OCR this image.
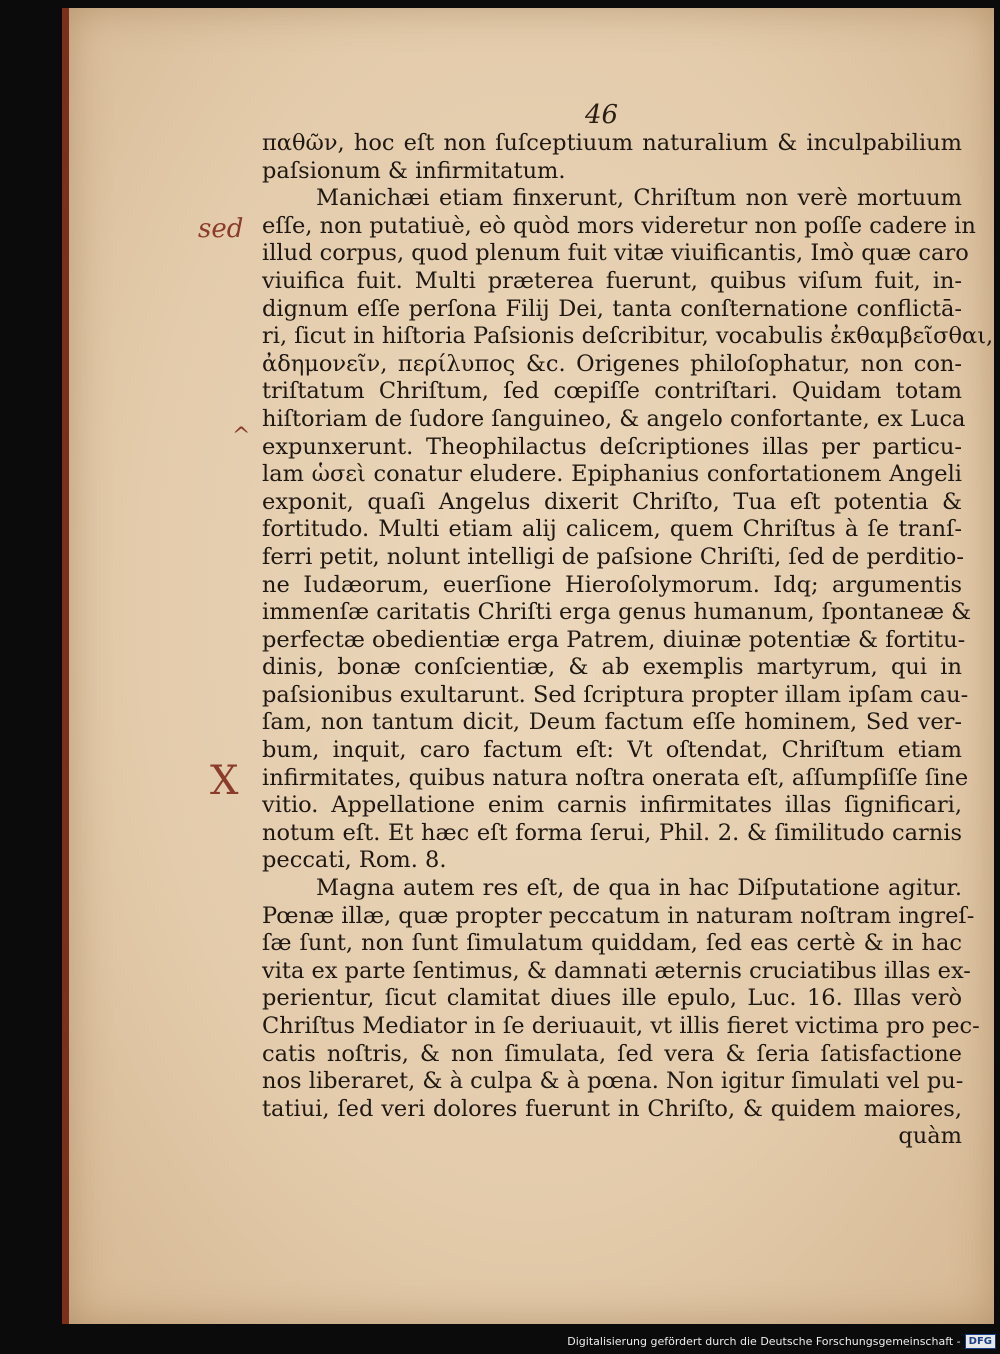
46
sed
^
X
παθῶν, hoc eſt non ſuſceptiuum naturalium & inculpabilium
paſsionum & infirmitatum.
Manichæi etiam finxerunt, Chriſtum non verè mortuum
eſſe, non putatiuè, eò quòd mors videretur non poſſe cadere in
illud corpus, quod plenum fuit vitæ viuificantis, Imò quæ caro
viuifica fuit. Multi præterea fuerunt, quibus viſum fuit, in-
dignum eſſe perſona Filij Dei, tanta conſternatione conflictā-
ri, ſicut in hiſtoria Paſsionis deſcribitur, vocabulis ἐκθαμβεῖσθαι,
ἀδημονεῖν, περίλυπος &c. Origenes philoſophatur, non con-
triſtatum Chriſtum, ſed cœpiſſe contriſtari. Quidam totam
hiſtoriam de ſudore ſanguineo, & angelo confortante, ex Luca
expunxerunt. Theophilactus deſcriptiones illas per particu-
lam ὡσεὶ conatur eludere. Epiphanius confortationem Angeli
exponit, quaſi Angelus dixerit Chriſto, Tua eſt potentia &
fortitudo. Multi etiam alij calicem, quem Chriſtus à ſe tranſ-
ferri petit, nolunt intelligi de paſsione Chriſti, ſed de perditio-
ne Iudæorum, euerſione Hieroſolymorum. Idq; argumentis
immenſæ caritatis Chriſti erga genus humanum, ſpontaneæ &
perfectæ obedientiæ erga Patrem, diuinæ potentiæ & fortitu-
dinis, bonæ conſcientiæ, & ab exemplis martyrum, qui in
paſsionibus exultarunt. Sed ſcriptura propter illam ipſam cau-
ſam, non tantum dicit, Deum factum eſſe hominem, Sed ver-
bum, inquit, caro factum eſt: Vt oſtendat, Chriſtum etiam
infirmitates, quibus natura noſtra onerata eſt, aſſumpſiſſe ſine
vitio. Appellatione enim carnis infirmitates illas ſignificari,
notum eſt. Et hæc eſt forma ſerui, Phil. 2. & ſimilitudo carnis
peccati, Rom. 8.
Magna autem res eſt, de qua in hac Diſputatione agitur.
Pœnæ illæ, quæ propter peccatum in naturam noſtram ingreſ-
ſæ ſunt, non ſunt ſimulatum quiddam, ſed eas certè & in hac
vita ex parte ſentimus, & damnati æternis cruciatibus illas ex-
perientur, ſicut clamitat diues ille epulo, Luc. 16. Illas verò
Chriſtus Mediator in ſe deriuauit, vt illis fieret victima pro pec-
catis noſtris, & non ſimulata, ſed vera & ſeria ſatisfactione
nos liberaret, & à culpa & à pœna. Non igitur ſimulati vel pu-
tatiui, ſed veri dolores fuerunt in Chriſto, & quidem maiores,
quàm
Digitalisierung gefördert durch die Deutsche Forschungsgemeinschaft - DFG
